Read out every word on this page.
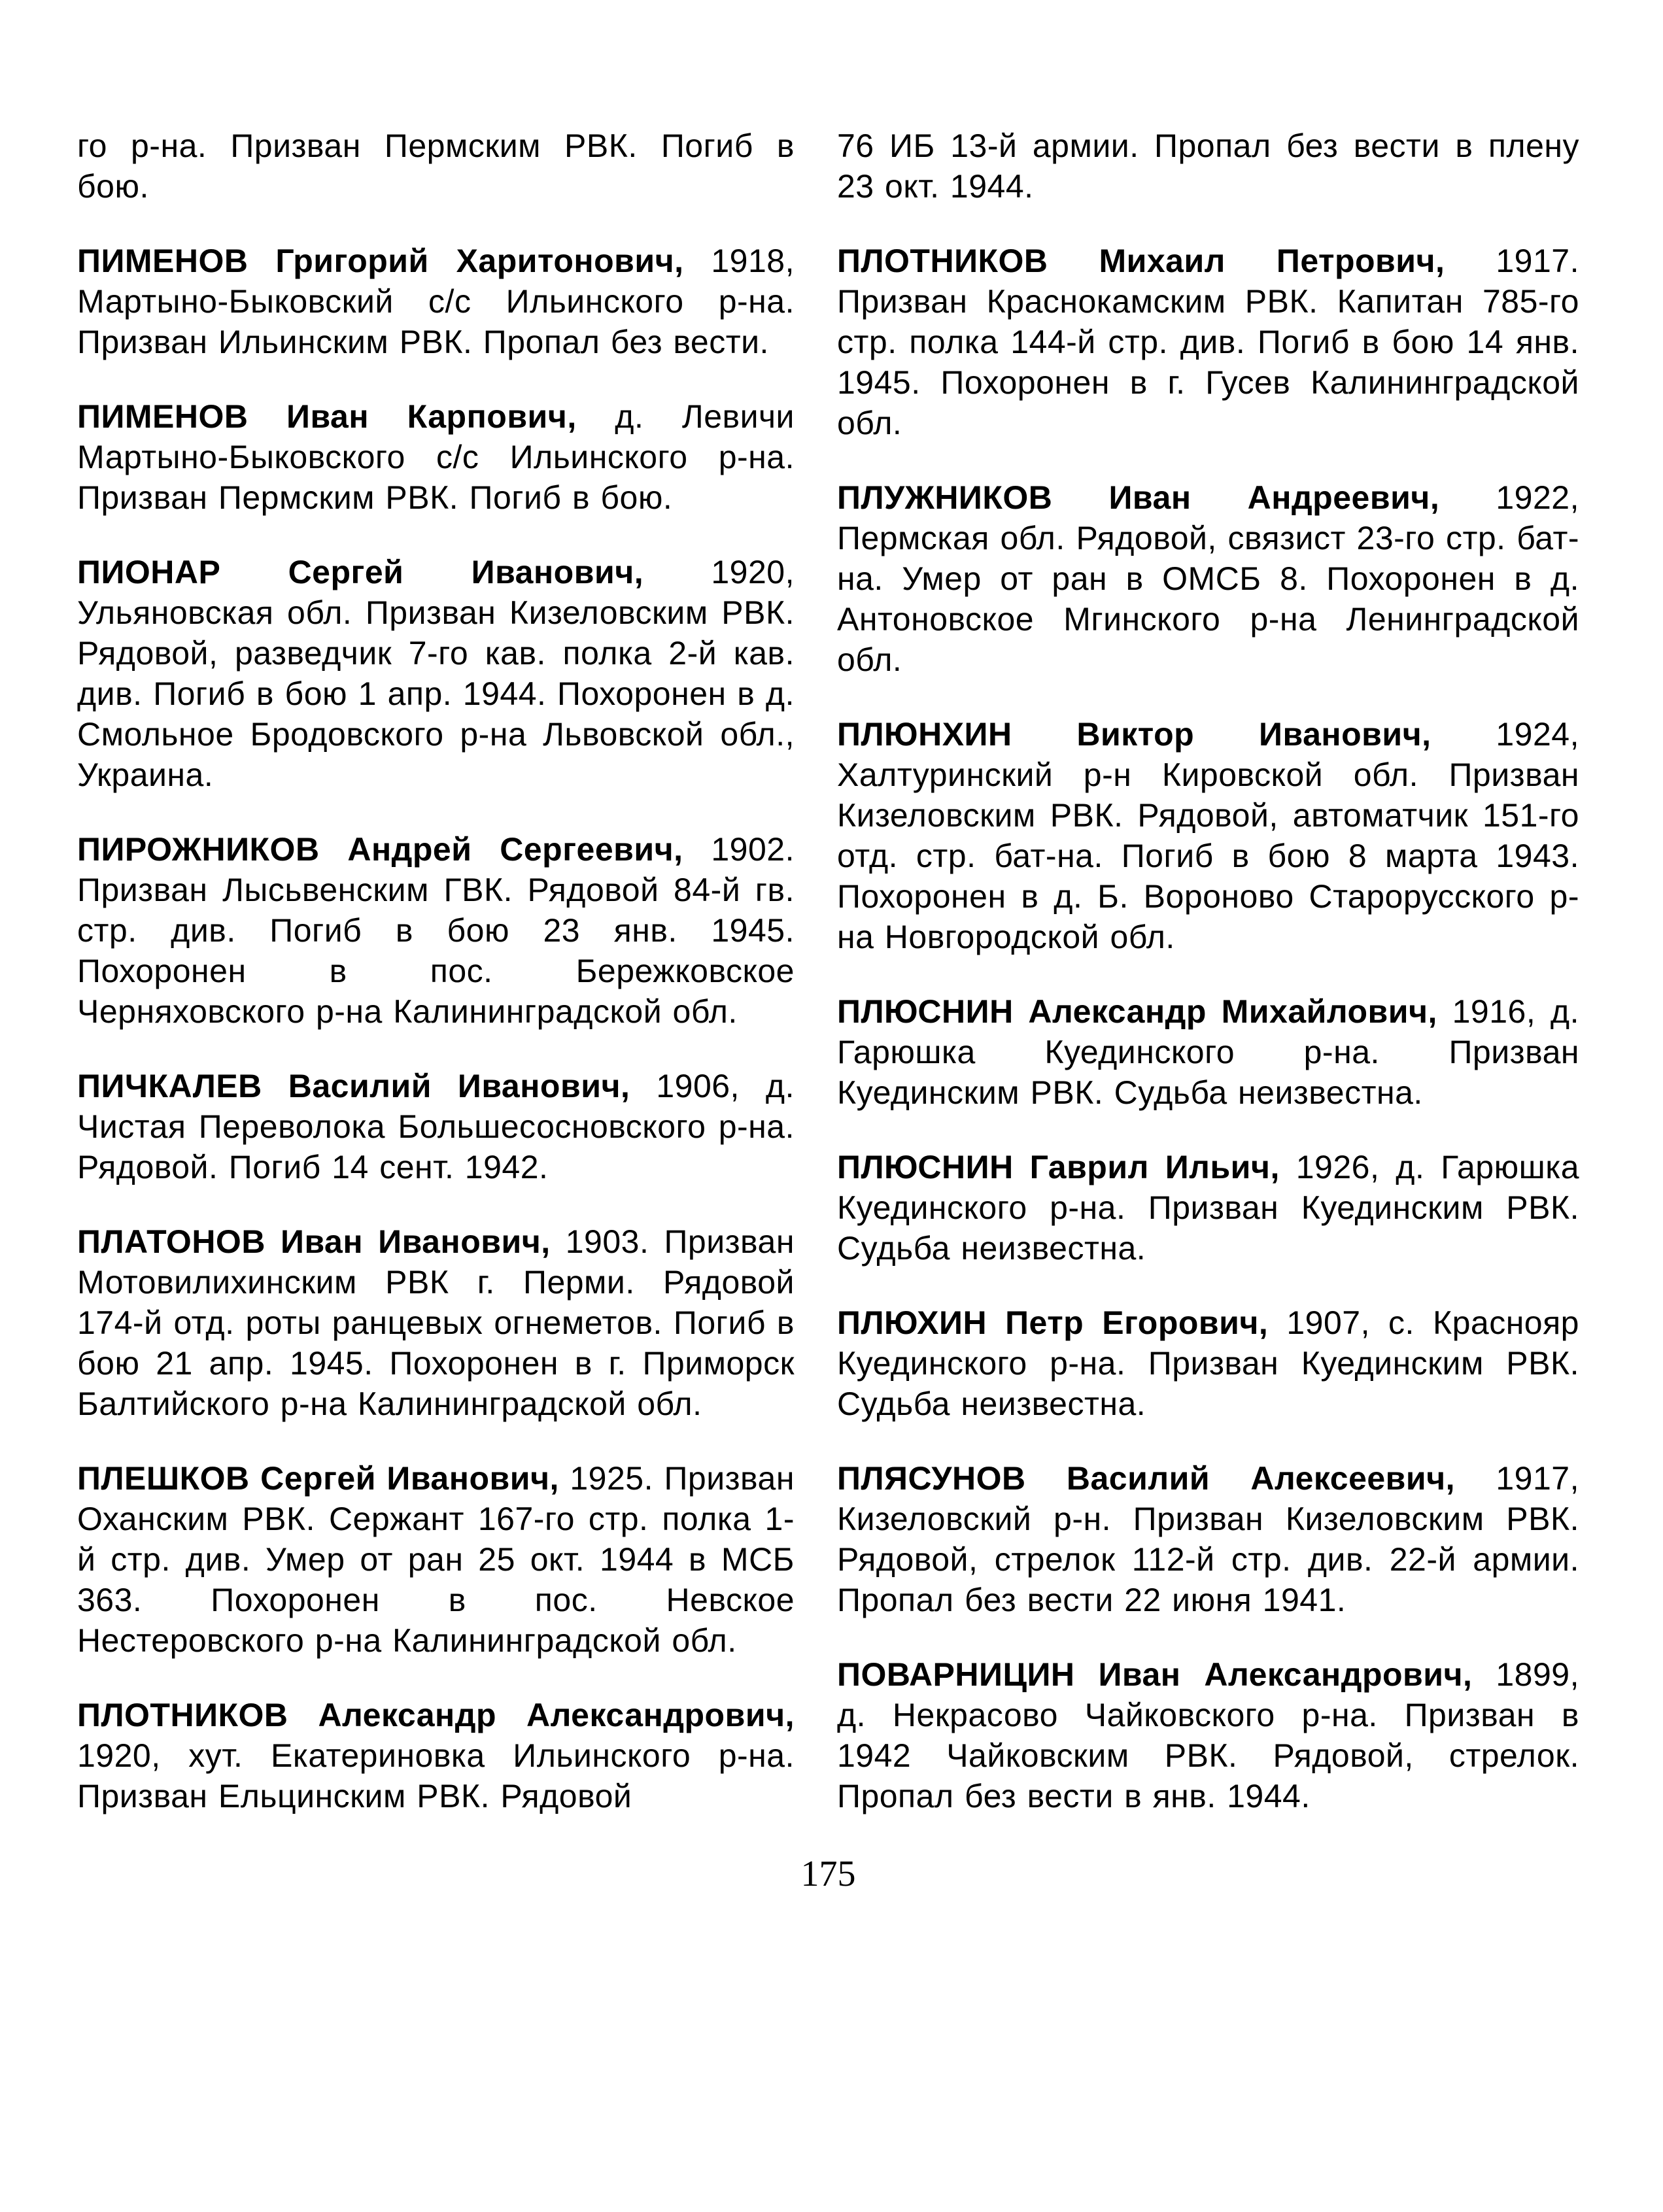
го р-на. Призван Пермским РВК. Погиб в бою.

ПИМЕНОВ Григорий Харитонович, 1918, Мартыно-Быковский с/с Ильинского р-на. Призван Ильинским РВК. Пропал без вести.

ПИМЕНОВ Иван Карпович, д. Левичи Мартыно-Быковского с/с Ильинского р-на. Призван Пермским РВК. Погиб в бою.

ПИОНАР Сергей Иванович, 1920, Ульяновская обл. Призван Кизеловским РВК. Рядовой, разведчик 7-го кав. полка 2-й кав. див. Погиб в бою 1 апр. 1944. Похоронен в д. Смольное Бродовского р-на Львовской обл., Украина.

ПИРОЖНИКОВ Андрей Сергеевич, 1902. Призван Лысьвенским ГВК. Рядовой 84-й гв. стр. див. Погиб в бою 23 янв. 1945. Похоронен в пос. Бережковское Черняховского р-на Калининградской обл.

ПИЧКАЛЕВ Василий Иванович, 1906, д. Чистая Переволока Большесосновского р-на. Рядовой. Погиб 14 сент. 1942.

ПЛАТОНОВ Иван Иванович, 1903. Призван Мотовилихинским РВК г. Перми. Рядовой 174-й отд. роты ранцевых огнеметов. Погиб в бою 21 апр. 1945. Похоронен в г. Приморск Балтийского р-на Калининградской обл.

ПЛЕШКОВ Сергей Иванович, 1925. Призван Оханским РВК. Сержант 167-го стр. полка 1-й стр. див. Умер от ран 25 окт. 1944 в МСБ 363. Похоронен в пос. Невское Нестеровского р-на Калининградской обл.

ПЛОТНИКОВ Александр Александрович, 1920, хут. Екатериновка Ильинского р-на. Призван Ельцинским РВК. Рядовой

76 ИБ 13-й армии. Пропал без вести в плену 23 окт. 1944.

ПЛОТНИКОВ Михаил Петрович, 1917. Призван Краснокамским РВК. Капитан 785-го стр. полка 144-й стр. див. Погиб в бою 14 янв. 1945. Похоронен в г. Гусев Калининградской обл.

ПЛУЖНИКОВ Иван Андреевич, 1922, Пермская обл. Рядовой, связист 23-го стр. бат-на. Умер от ран в ОМСБ 8. Похоронен в д. Антоновское Мгинского р-на Ленинградской обл.

ПЛЮНХИН Виктор Иванович, 1924, Халтуринский р-н Кировской обл. Призван Кизеловским РВК. Рядовой, автоматчик 151-го отд. стр. бат-на. Погиб в бою 8 марта 1943. Похоронен в д. Б. Вороново Старорусского р-на Новгородской обл.

ПЛЮСНИН Александр Михайлович, 1916, д. Гарюшка Куединского р-на. Призван Куединским РВК. Судьба неизвестна.

ПЛЮСНИН Гаврил Ильич, 1926, д. Гарюшка Куединского р-на. Призван Куединским РВК. Судьба неизвестна.

ПЛЮХИН Петр Егорович, 1907, с. Краснояр Куединского р-на. Призван Куединским РВК. Судьба неизвестна.

ПЛЯСУНОВ Василий Алексеевич, 1917, Кизеловский р-н. Призван Кизеловским РВК. Рядовой, стрелок 112-й стр. див. 22-й армии. Пропал без вести 22 июня 1941.

ПОВАРНИЦИН Иван Александрович, 1899, д. Некрасово Чайковского р-на. Призван в 1942 Чайковским РВК. Рядовой, стрелок. Пропал без вести в янв. 1944.

175
